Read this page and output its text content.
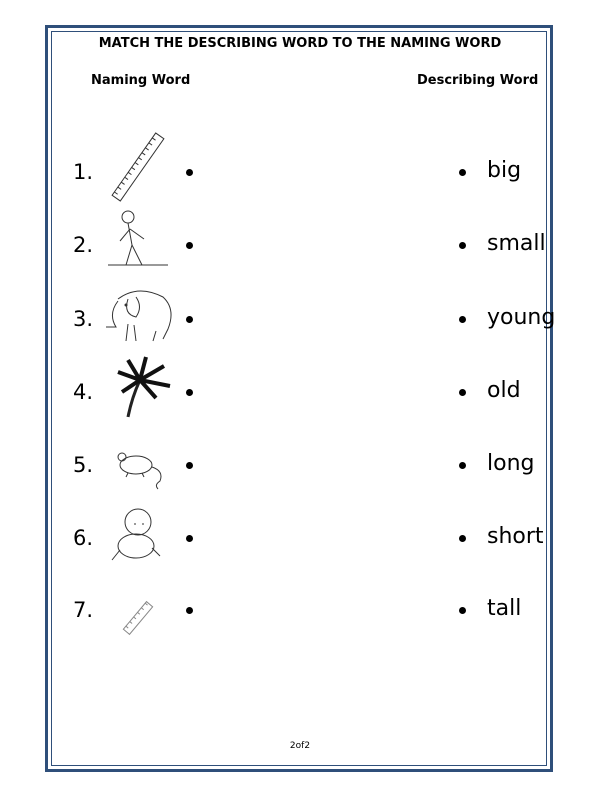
MATCH THE DESCRIBING WORD TO THE NAMING WORD
Naming Word	Describing Word
1.	big
2.	small
3.	young
4.	old
5.	long
6.	short
7.	tall
2of2
